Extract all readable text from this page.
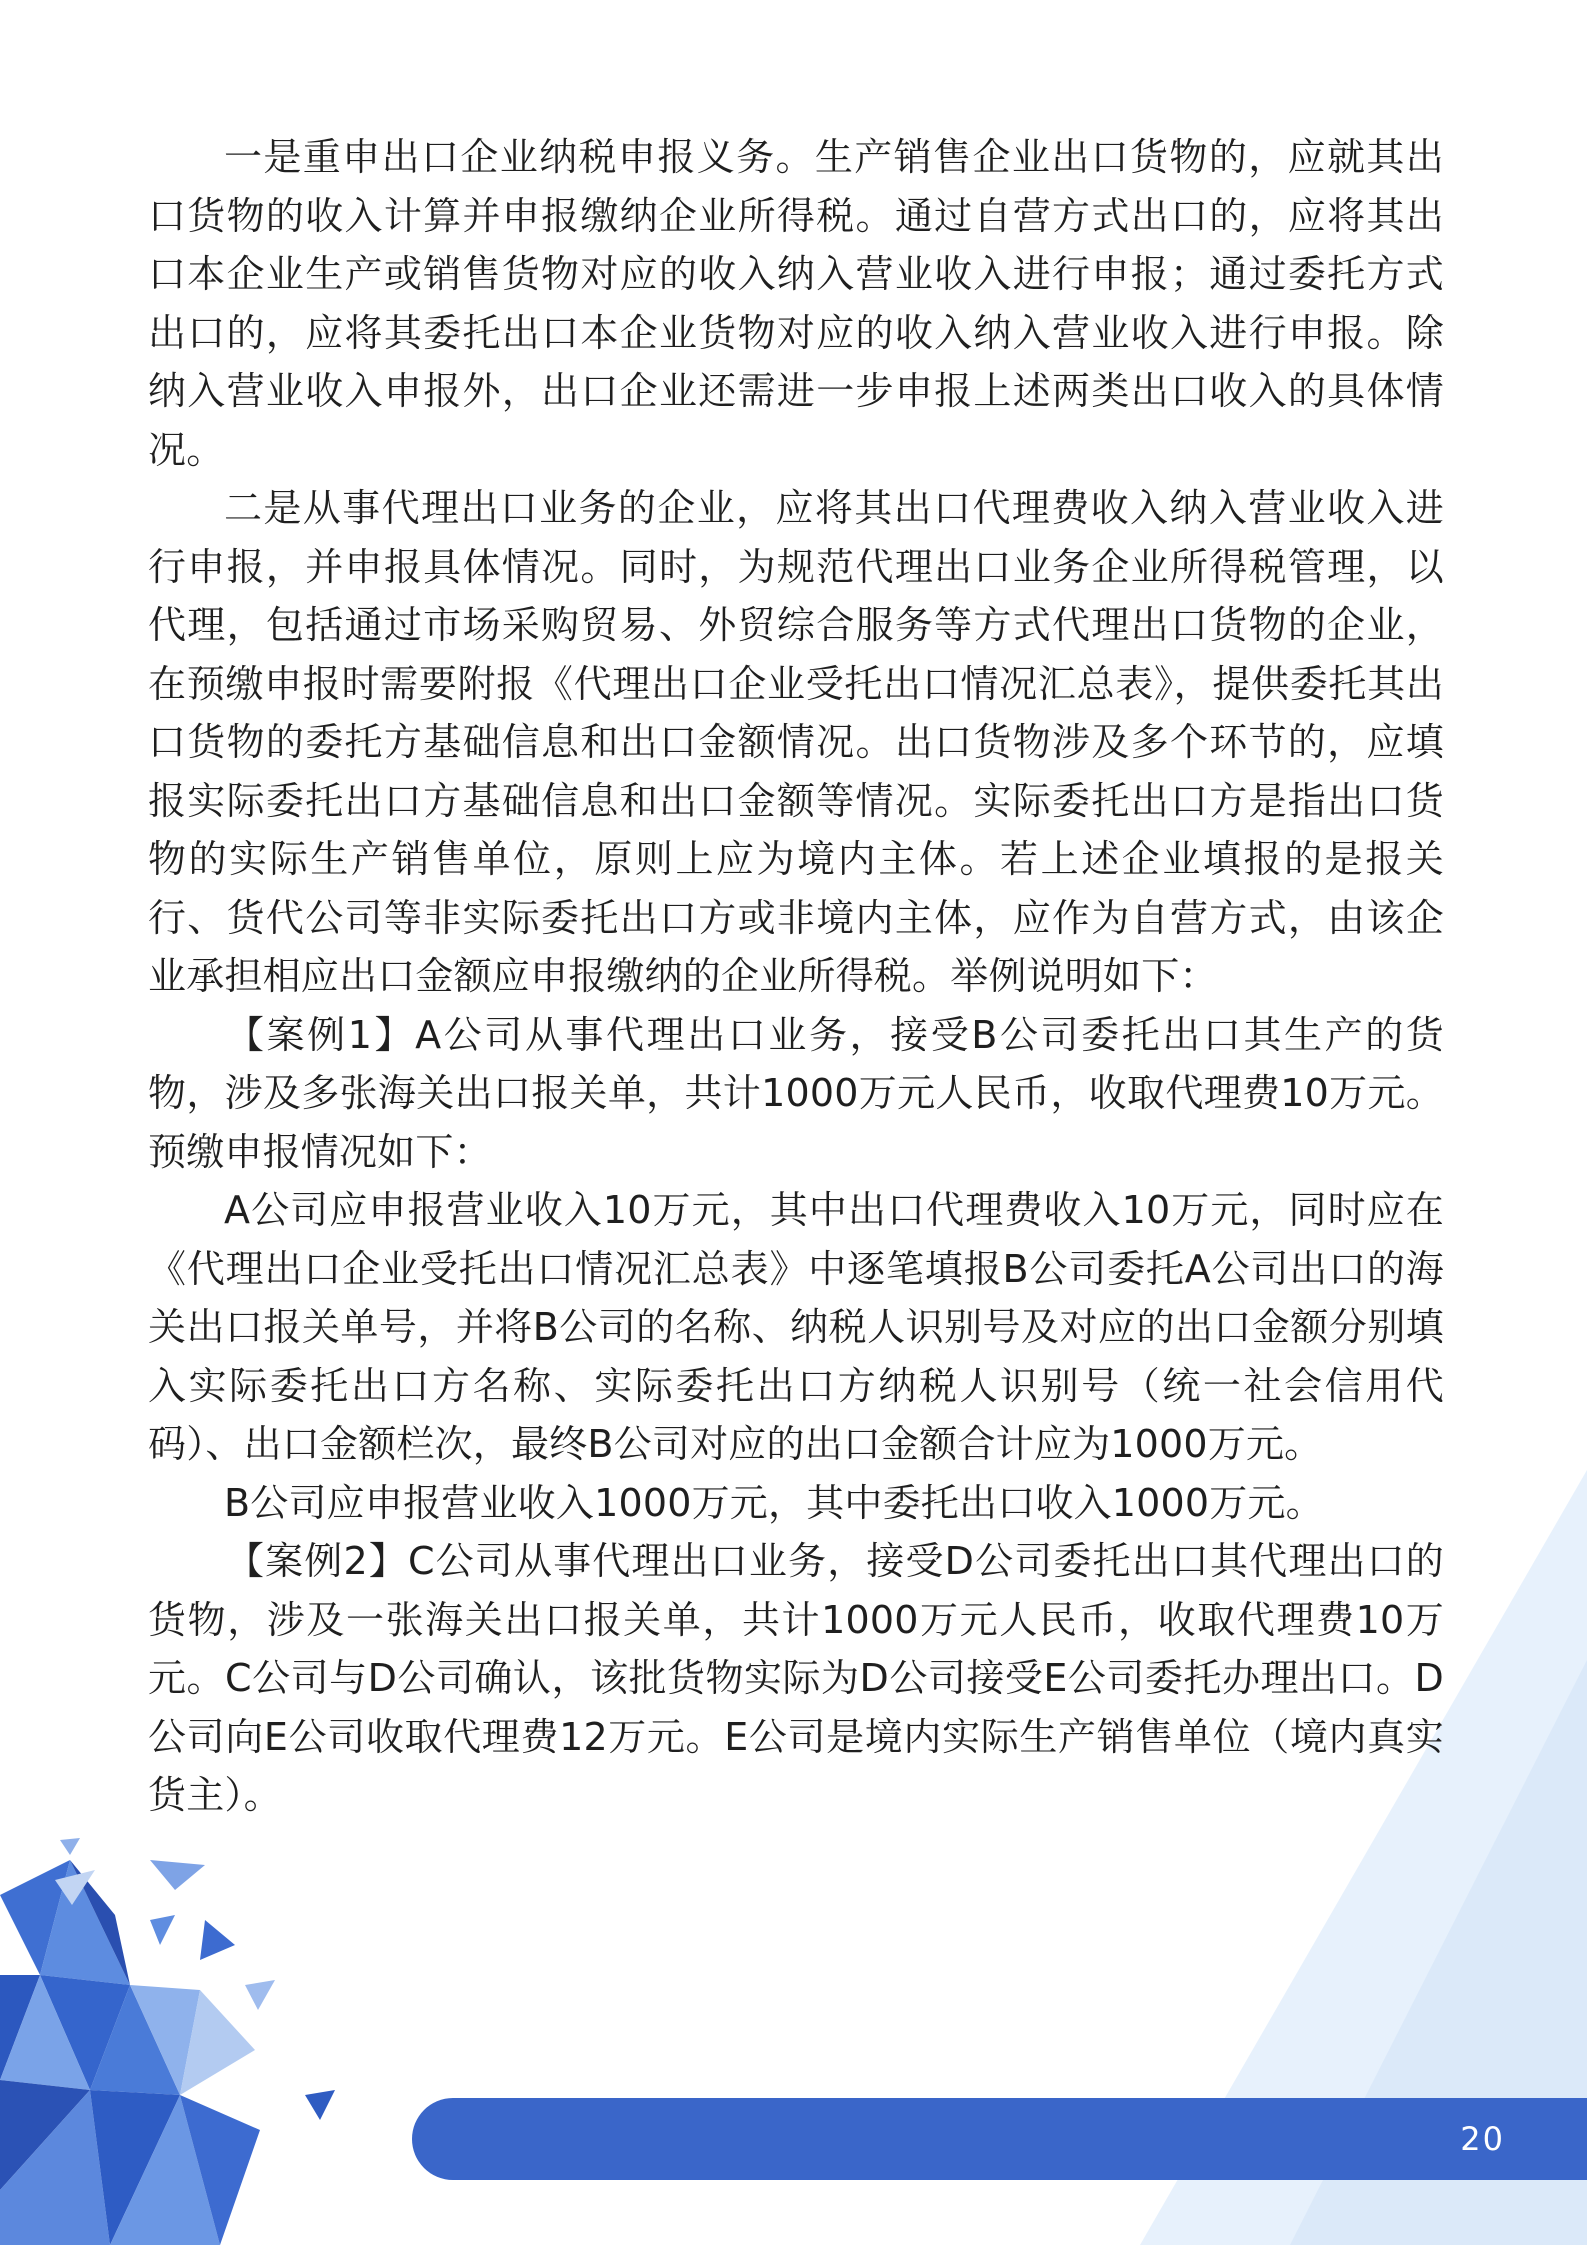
一是重申出口企业纳税申报义务。生产销售企业出口货物的，应就其出口货物的收入计算并申报缴纳企业所得税。通过自营方式出口的，应将其出口本企业生产或销售货物对应的收入纳入营业收入进行申报；通过委托方式出口的，应将其委托出口本企业货物对应的收入纳入营业收入进行申报。除纳入营业收入申报外，出口企业还需进一步申报上述两类出口收入的具体情况。

二是从事代理出口业务的企业，应将其出口代理费收入纳入营业收入进行申报，并申报具体情况。同时，为规范代理出口业务企业所得税管理，以代理，包括通过市场采购贸易、外贸综合服务等方式代理出口货物的企业，在预缴申报时需要附报《代理出口企业受托出口情况汇总表》，提供委托其出口货物的委托方基础信息和出口金额情况。出口货物涉及多个环节的，应填报实际委托出口方基础信息和出口金额等情况。实际委托出口方是指出口货物的实际生产销售单位，原则上应为境内主体。若上述企业填报的是报关行、货代公司等非实际委托出口方或非境内主体，应作为自营方式，由该企业承担相应出口金额应申报缴纳的企业所得税。举例说明如下：

【案例1】A公司从事代理出口业务，接受B公司委托出口其生产的货物，涉及多张海关出口报关单，共计1000万元人民币，收取代理费10万元。预缴申报情况如下：

A公司应申报营业收入10万元，其中出口代理费收入10万元，同时应在《代理出口企业受托出口情况汇总表》中逐笔填报B公司委托A公司出口的海关出口报关单号，并将B公司的名称、纳税人识别号及对应的出口金额分别填入实际委托出口方名称、实际委托出口方纳税人识别号（统一社会信用代码）、出口金额栏次，最终B公司对应的出口金额合计应为1000万元。

B公司应申报营业收入1000万元，其中委托出口收入1000万元。

【案例2】C公司从事代理出口业务，接受D公司委托出口其代理出口的货物，涉及一张海关出口报关单，共计1000万元人民币，收取代理费10万元。C公司与D公司确认，该批货物实际为D公司接受E公司委托办理出口。D公司向E公司收取代理费12万元。E公司是境内实际生产销售单位（境内真实货主）。

20
